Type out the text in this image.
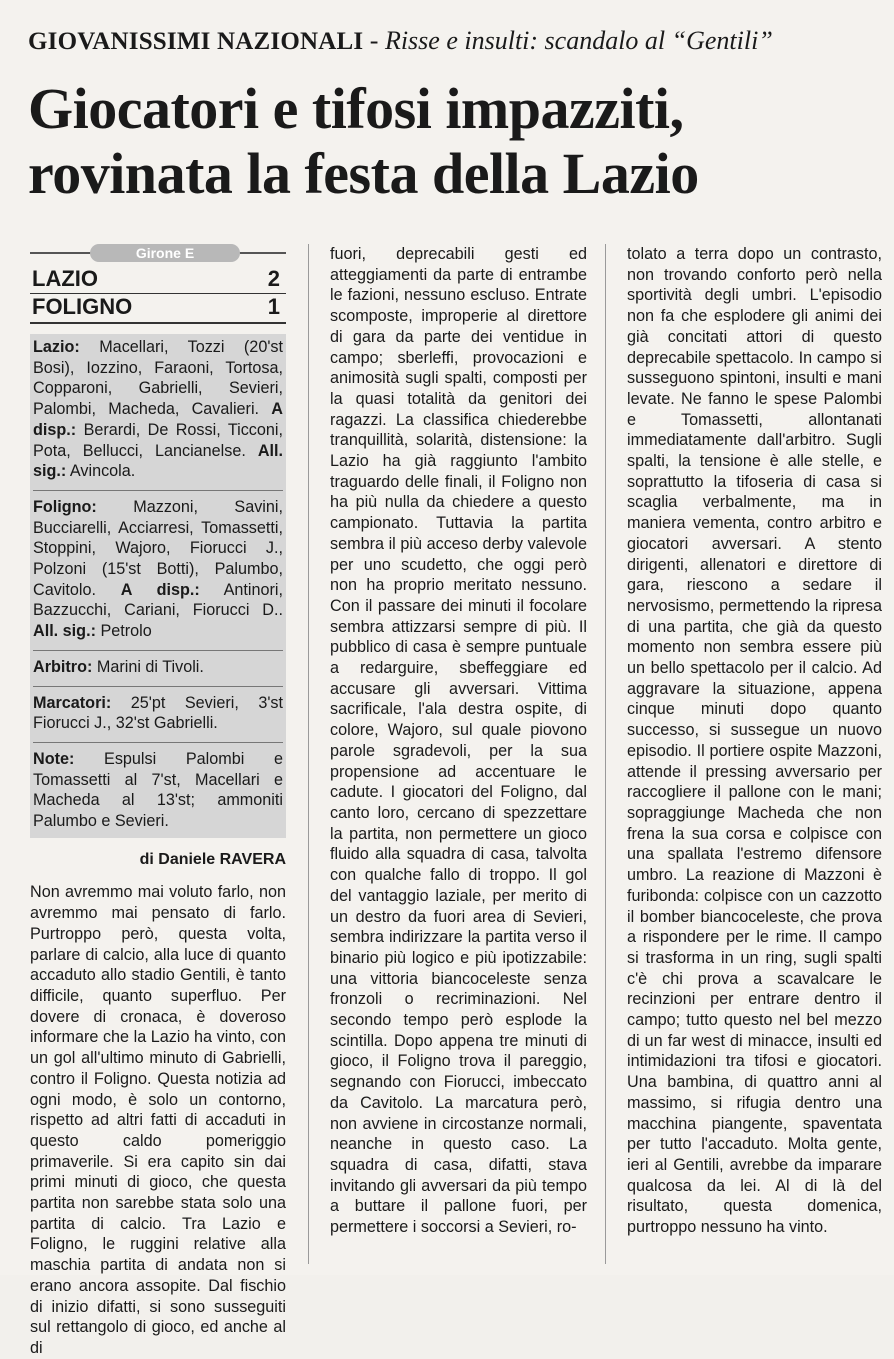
GIOVANISSIMI NAZIONALI - Risse e insulti: scandalo al “Gentili”
Giocatori e tifosi impazziti,
rovinata la festa della Lazio
Girone E
LAZIO	2
FOLIGNO	1

Lazio: Macellari, Tozzi (20'st Bosi), Iozzino, Faraoni, Tortosa, Copparoni, Gabrielli, Sevieri, Palombi, Macheda, Cavalieri. A disp.: Berardi, De Rossi, Ticconi, Pota, Bellucci, Lancianelse. All. sig.: Avincola.

Foligno: Mazzoni, Savini, Bucciarelli, Acciarresi, Tomassetti, Stoppini, Wajoro, Fiorucci J., Polzoni (15'st Botti), Palumbo, Cavitolo. A disp.: Antinori, Bazzucchi, Cariani, Fiorucci D.. All. sig.: Petrolo

Arbitro: Marini di Tivoli.

Marcatori: 25'pt Sevieri, 3'st Fiorucci J., 32'st Gabrielli.

Note: Espulsi Palombi e Tomassetti al 7'st, Macellari e Macheda al 13'st; ammoniti Palumbo e Sevieri.

di Daniele RAVERA

Non avremmo mai voluto farlo, non avremmo mai pensato di farlo. Purtroppo però, questa volta, parlare di calcio, alla luce di quanto accaduto allo stadio Gentili, è tanto difficile, quanto superfluo. Per dovere di cronaca, è doveroso informare che la Lazio ha vinto, con un gol all'ultimo minuto di Gabrielli, contro il Foligno. Questa notizia ad ogni modo, è solo un contorno, rispetto ad altri fatti di accaduti in questo caldo pomeriggio primaverile. Si era capito sin dai primi minuti di gioco, che questa partita non sarebbe stata solo una partita di calcio. Tra Lazio e Foligno, le ruggini relative alla maschia partita di andata non si erano ancora assopite. Dal fischio di inizio difatti, si sono susseguiti sul rettangolo di gioco, ed anche al di

fuori, deprecabili gesti ed atteggiamenti da parte di entrambe le fazioni, nessuno escluso. Entrate scomposte, improperie al direttore di gara da parte dei ventidue in campo; sberleffi, provocazioni e animosità sugli spalti, composti per la quasi totalità da genitori dei ragazzi. La classifica chiederebbe tranquillità, solarità, distensione: la Lazio ha già raggiunto l'ambito traguardo delle finali, il Foligno non ha più nulla da chiedere a questo campionato. Tuttavia la partita sembra il più acceso derby valevole per uno scudetto, che oggi però non ha proprio meritato nessuno. Con il passare dei minuti il focolare sembra attizzarsi sempre di più. Il pubblico di casa è sempre puntuale a redarguire, sbeffeggiare ed accusare gli avversari. Vittima sacrificale, l'ala destra ospite, di colore, Wajoro, sul quale piovono parole sgradevoli, per la sua propensione ad accentuare le cadute. I giocatori del Foligno, dal canto loro, cercano di spezzettare la partita, non permettere un gioco fluido alla squadra di casa, talvolta con qualche fallo di troppo. Il gol del vantaggio laziale, per merito di un destro da fuori area di Sevieri, sembra indirizzare la partita verso il binario più logico e più ipotizzabile: una vittoria biancoceleste senza fronzoli o recriminazioni. Nel secondo tempo però esplode la scintilla. Dopo appena tre minuti di gioco, il Foligno trova il pareggio, segnando con Fiorucci, imbeccato da Cavitolo. La marcatura però, non avviene in circostanze normali, neanche in questo caso. La squadra di casa, difatti, stava invitando gli avversari da più tempo a buttare il pallone fuori, per permettere i soccorsi a Sevieri, ro-

tolato a terra dopo un contrasto, non trovando conforto però nella sportività degli umbri. L'episodio non fa che esplodere gli animi dei già concitati attori di questo deprecabile spettacolo. In campo si susseguono spintoni, insulti e mani levate. Ne fanno le spese Palombi e Tomassetti, allontanati immediatamente dall'arbitro. Sugli spalti, la tensione è alle stelle, e soprattutto la tifoseria di casa si scaglia verbalmente, ma in maniera vementa, contro arbitro e giocatori avversari. A stento dirigenti, allenatori e direttore di gara, riescono a sedare il nervosismo, permettendo la ripresa di una partita, che già da questo momento non sembra essere più un bello spettacolo per il calcio. Ad aggravare la situazione, appena cinque minuti dopo quanto successo, si sussegue un nuovo episodio. Il portiere ospite Mazzoni, attende il pressing avversario per raccogliere il pallone con le mani; sopraggiunge Macheda che non frena la sua corsa e colpisce con una spallata l'estremo difensore umbro. La reazione di Mazzoni è furibonda: colpisce con un cazzotto il bomber biancoceleste, che prova a rispondere per le rime. Il campo si trasforma in un ring, sugli spalti c'è chi prova a scavalcare le recinzioni per entrare dentro il campo; tutto questo nel bel mezzo di un far west di minacce, insulti ed intimidazioni tra tifosi e giocatori. Una bambina, di quattro anni al massimo, si rifugia dentro una macchina piangente, spaventata per tutto l'accaduto. Molta gente, ieri al Gentili, avrebbe da imparare qualcosa da lei. Al di là del risultato, questa domenica, purtroppo nessuno ha vinto.
